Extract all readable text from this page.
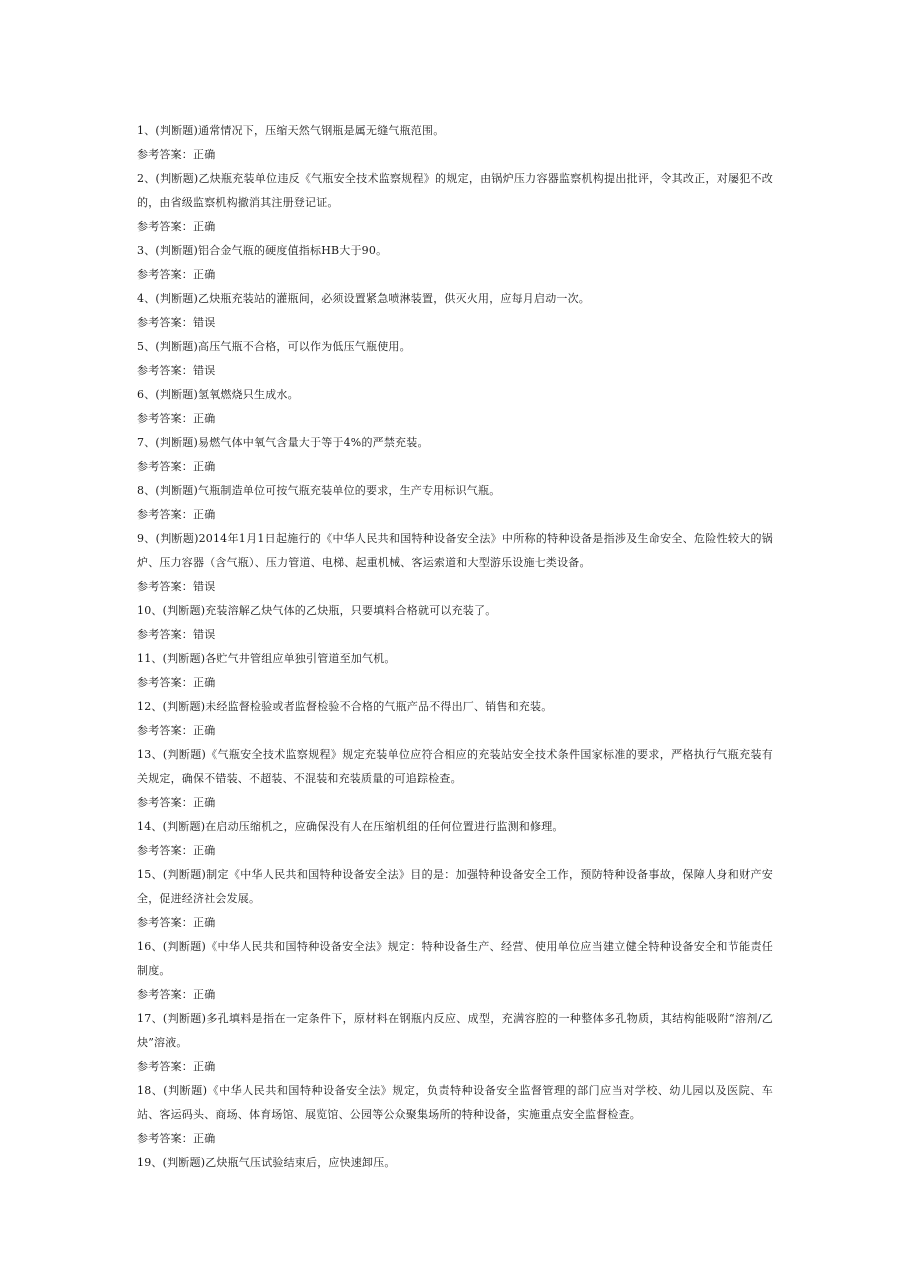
1、(判断题)通常情况下，压缩天然气钢瓶是属无缝气瓶范围。
参考答案：正确
2、(判断题)乙炔瓶充装单位违反《气瓶安全技术监察规程》的规定，由锅炉压力容器监察机构提出批评，令其改正，对屡犯不改的，由省级监察机构撤消其注册登记证。
参考答案：正确
3、(判断题)铝合金气瓶的硬度值指标HB大于90。
参考答案：正确
4、(判断题)乙炔瓶充装站的灌瓶间，必须设置紧急喷淋装置，供灭火用，应每月启动一次。
参考答案：错误
5、(判断题)高压气瓶不合格，可以作为低压气瓶使用。
参考答案：错误
6、(判断题)氢氧燃烧只生成水。
参考答案：正确
7、(判断题)易燃气体中氧气含量大于等于4%的严禁充装。
参考答案：正确
8、(判断题)气瓶制造单位可按气瓶充装单位的要求，生产专用标识气瓶。
参考答案：正确
9、(判断题)2014年1月1日起施行的《中华人民共和国特种设备安全法》中所称的特种设备是指涉及生命安全、危险性较大的锅炉、压力容器（含气瓶）、压力管道、电梯、起重机械、客运索道和大型游乐设施七类设备。
参考答案：错误
10、(判断题)充装溶解乙炔气体的乙炔瓶，只要填料合格就可以充装了。
参考答案：错误
11、(判断题)各贮气井管组应单独引管道至加气机。
参考答案：正确
12、(判断题)未经监督检验或者监督检验不合格的气瓶产品不得出厂、销售和充装。
参考答案：正确
13、(判断题)《气瓶安全技术监察规程》规定充装单位应符合相应的充装站安全技术条件国家标准的要求，严格执行气瓶充装有关规定，确保不错装、不超装、不混装和充装质量的可追踪检查。
参考答案：正确
14、(判断题)在启动压缩机之，应确保没有人在压缩机组的任何位置进行监测和修理。
参考答案：正确
15、(判断题)制定《中华人民共和国特种设备安全法》目的是：加强特种设备安全工作，预防特种设备事故，保障人身和财产安全，促进经济社会发展。
参考答案：正确
16、(判断题)《中华人民共和国特种设备安全法》规定：特种设备生产、经营、使用单位应当建立健全特种设备安全和节能责任制度。
参考答案：正确
17、(判断题)多孔填料是指在一定条件下，原材料在钢瓶内反应、成型，充满容腔的一种整体多孔物质，其结构能吸附“溶剂/乙炔”溶液。
参考答案：正确
18、(判断题)《中华人民共和国特种设备安全法》规定，负责特种设备安全监督管理的部门应当对学校、幼儿园以及医院、车站、客运码头、商场、体育场馆、展览馆、公园等公众聚集场所的特种设备，实施重点安全监督检查。
参考答案：正确
19、(判断题)乙炔瓶气压试验结束后，应快速卸压。
